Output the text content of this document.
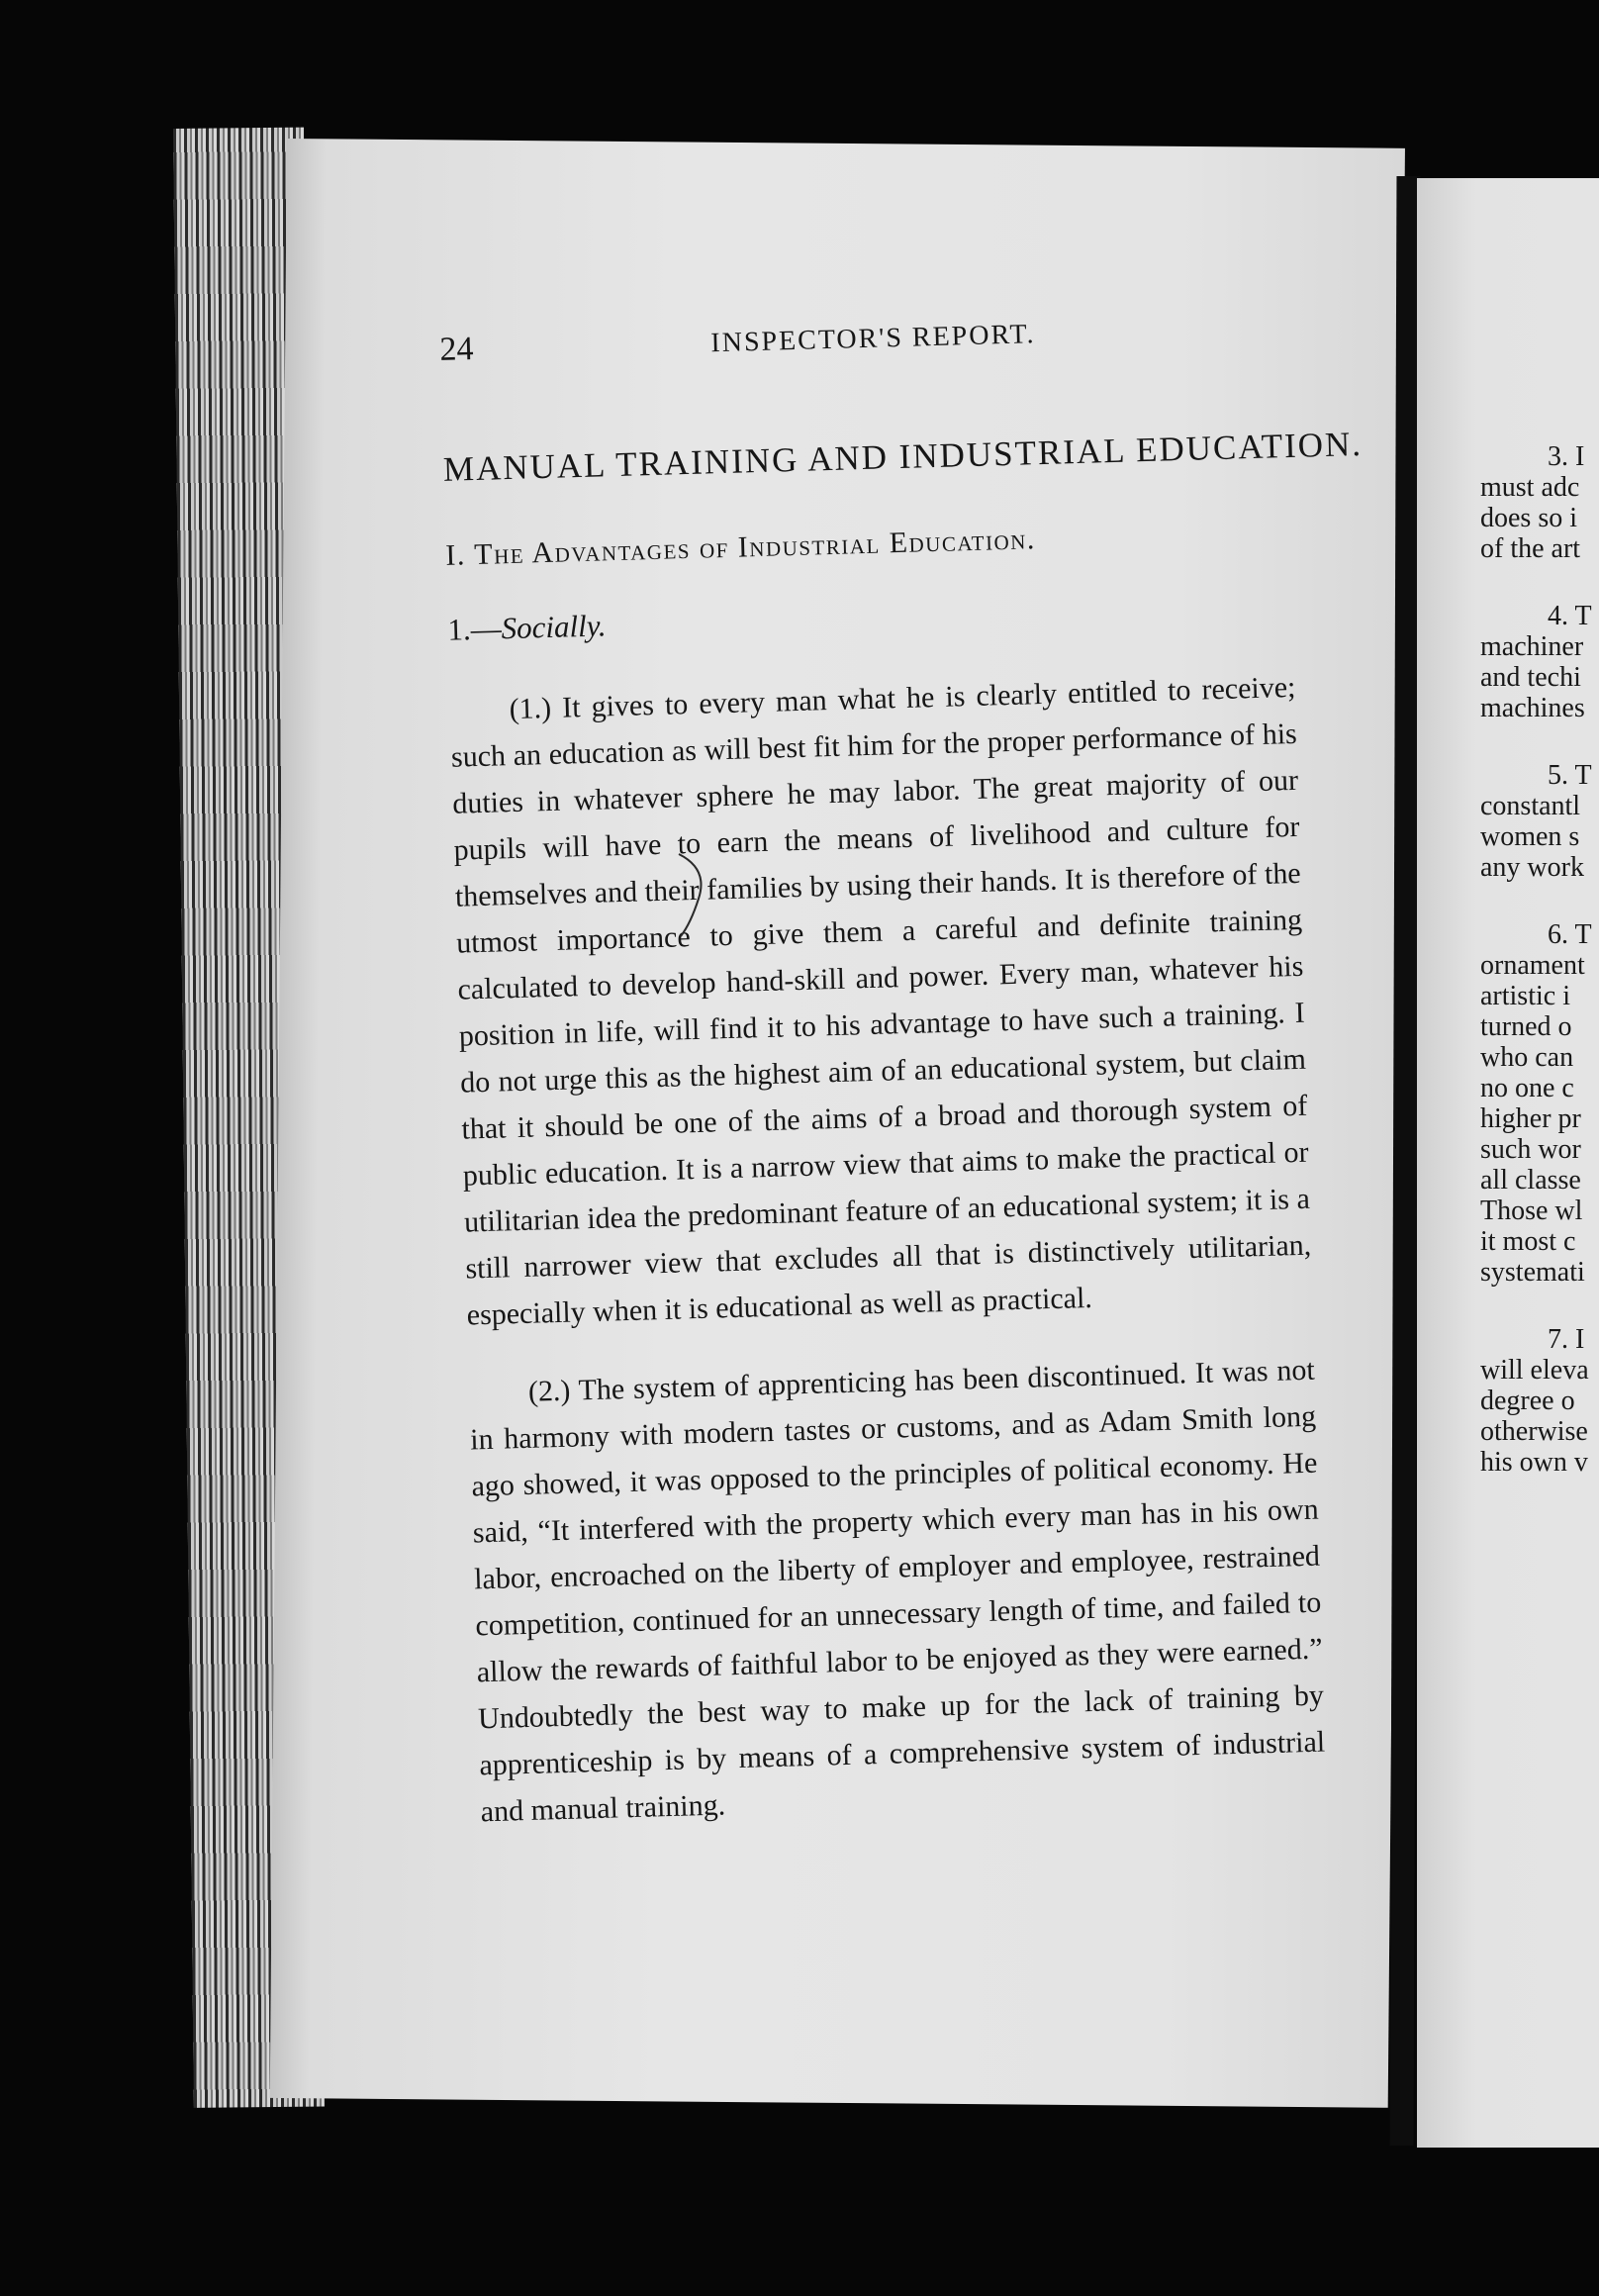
24	INSPECTOR'S REPORT.
MANUAL TRAINING AND INDUSTRIAL EDUCATION.
I. The Advantages of Industrial Education.
1.—Socially.

(1.) It gives to every man what he is clearly entitled to receive; such an education as will best fit him for the proper performance of his duties in whatever sphere he may labor. The great majority of our pupils will have to earn the means of livelihood and culture for themselves and their families by using their hands. It is therefore of the utmost importance to give them a careful and definite training calculated to develop hand-skill and power. Every man, whatever his position in life, will find it to his advantage to have such a training. I do not urge this as the highest aim of an educational system, but claim that it should be one of the aims of a broad and thorough system of public education. It is a narrow view that aims to make the practical or utilitarian idea the predominant feature of an educational system; it is a still narrower view that excludes all that is distinctively utilitarian, especially when it is educational as well as practical.

(2.) The system of apprenticing has been discontinued. It was not in harmony with modern tastes or customs, and as Adam Smith long ago showed, it was opposed to the principles of political economy. He said, “It interfered with the property which every man has in his own labor, encroached on the liberty of employer and employee, restrained competition, continued for an unnecessary length of time, and failed to allow the rewards of faithful labor to be enjoyed as they were earned.” Undoubtedly the best way to make up for the lack of training by apprenticeship is by means of a comprehensive system of industrial and manual training.

3. I
must adc
does so i
of the art
4. T
machiner
and techi
machines
5. T
constantl
women s
any work
6. T
ornament
artistic i
turned o
who can
no one c
higher pr
such wor
all classe
Those wl
it most c
systemati
7. I
will eleva
degree o
otherwise
his own v
